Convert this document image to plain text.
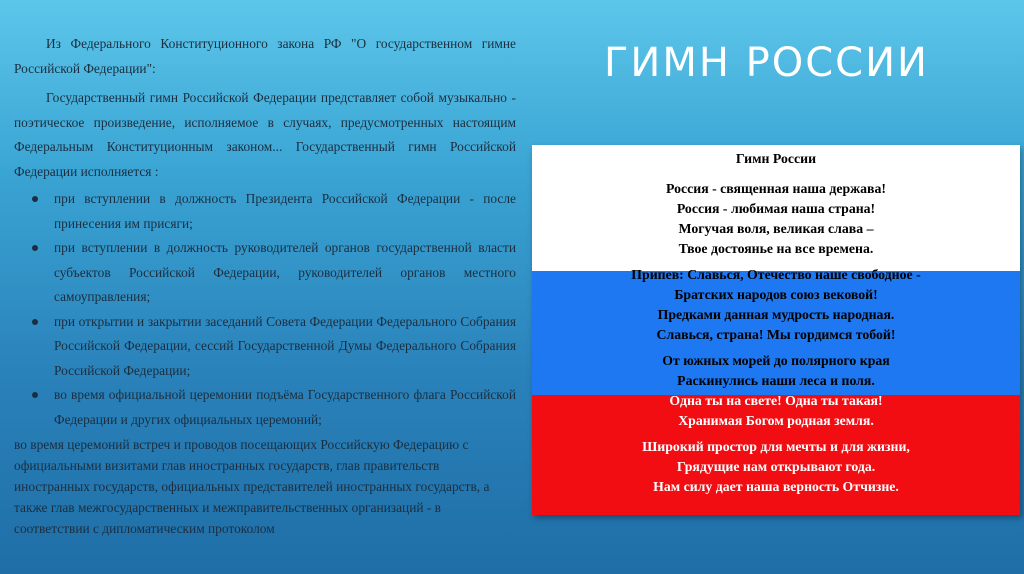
Из Федерального Конституционного закона РФ "О государственном гимне Российской Федерации":

Государственный гимн Российской Федерации представляет собой музыкально - поэтическое произведение, исполняемое в случаях, предусмотренных настоящим Федеральным Конституционным законом... Государственный гимн Российской Федерации исполняется :

при вступлении в должность Президента Российской Федерации - после принесения им присяги;
при вступлении в должность руководителей органов государственной власти субъектов Российской Федерации, руководителей органов местного самоуправления;
при открытии и закрытии заседаний Совета Федерации Федерального Собрания Российской Федерации, сессий Государственной Думы Федерального Собрания Российской Федерации;
во время официальной церемонии подъёма Государственного флага Российской Федерации и других официальных церемоний;

во время церемоний встреч и проводов посещающих Российскую Федерацию с официальными визитами глав иностранных государств, глав правительств иностранных государств, официальных представителей иностранных государств, а также глав межгосударственных и межправительственных организаций - в соответствии с дипломатическим протоколом

ГИМН РОССИИ
Гимн России
Россия - священная наша держава!
Россия - любимая наша страна!
Могучая воля, великая слава –
Твое достоянье на все времена.
Припев: Славься, Отечество наше свободное -
Братских народов союз вековой!
Предками данная мудрость народная.
Славься, страна! Мы гордимся тобой!
От южных морей до полярного края
Раскинулись наши леса и поля.
Одна ты на свете! Одна ты такая!
Хранимая Богом родная земля.
Широкий простор для мечты и для жизни,
Грядущие нам открывают года.
Нам силу дает наша верность Отчизне.
